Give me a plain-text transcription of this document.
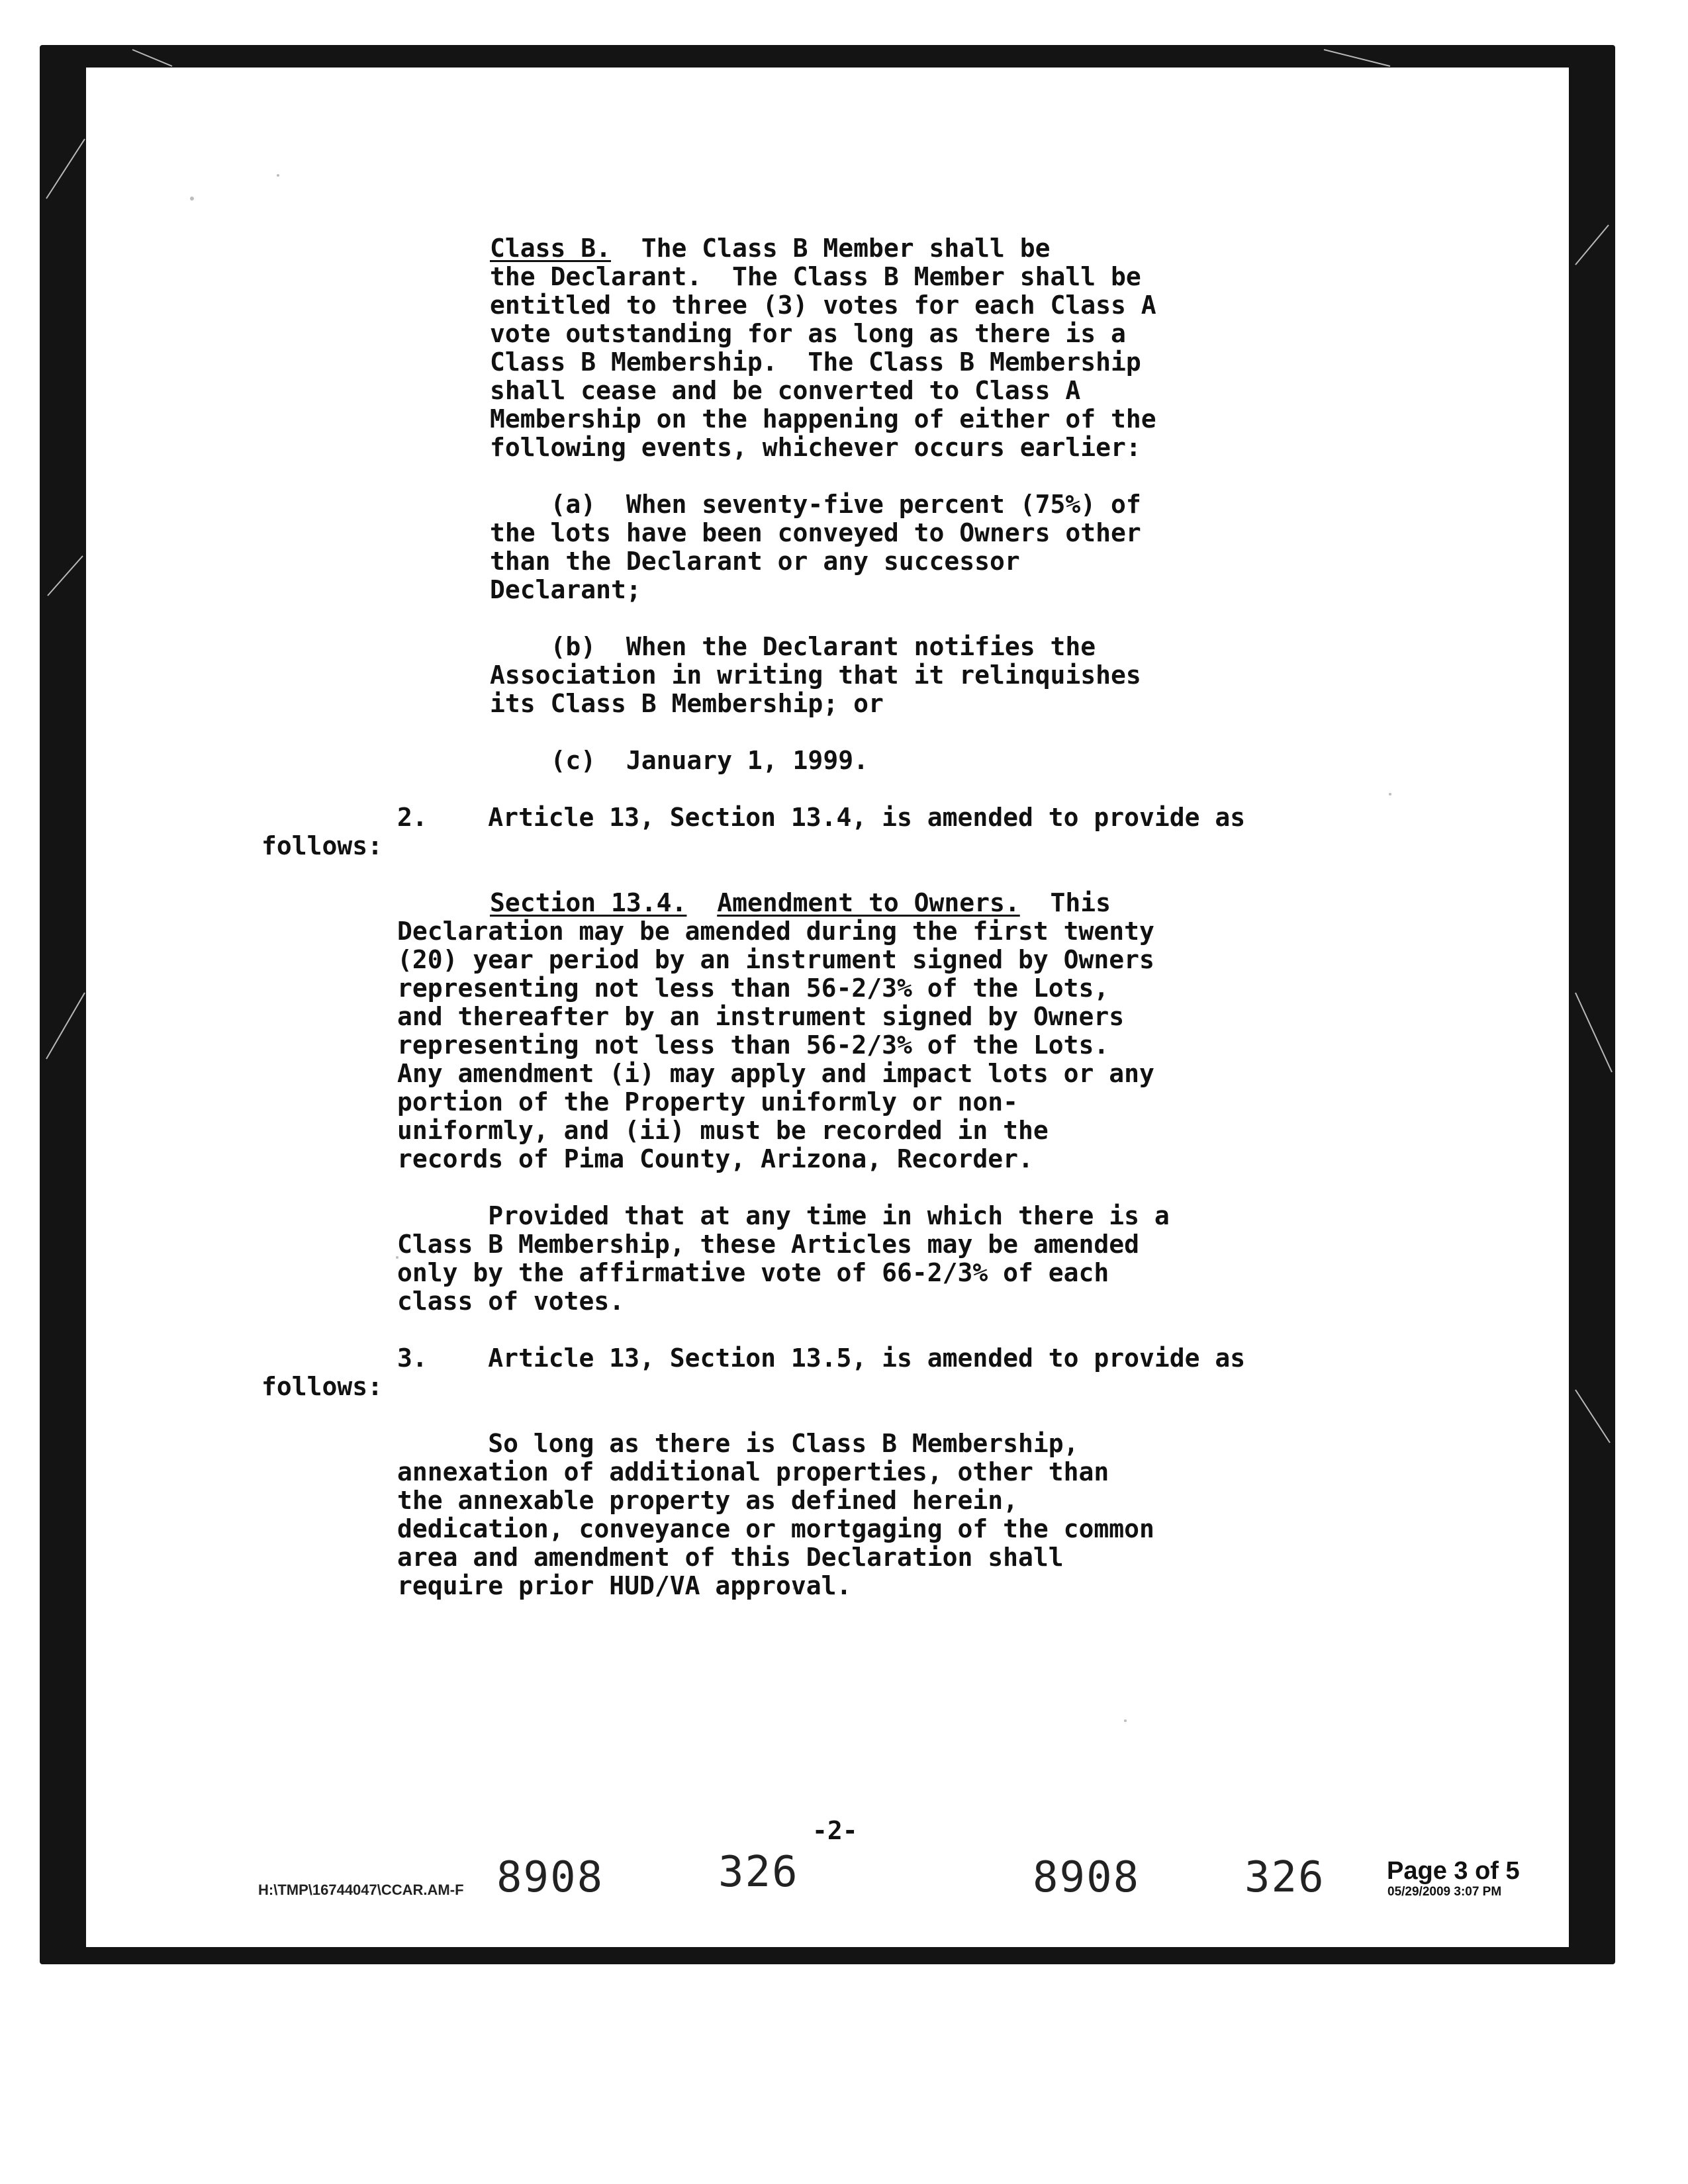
Class B.  The Class B Member shall be
the Declarant.  The Class B Member shall be
entitled to three (3) votes for each Class A
vote outstanding for as long as there is a
Class B Membership.  The Class B Membership
shall cease and be converted to Class A
Membership on the happening of either of the
following events, whichever occurs earlier:
(a)  When seventy-five percent (75%) of
the lots have been conveyed to Owners other
than the Declarant or any successor
Declarant;
(b)  When the Declarant notifies the
Association in writing that it relinquishes
its Class B Membership; or
(c)  January 1, 1999.
2.    Article 13, Section 13.4, is amended to provide as
follows:
Section 13.4. Amendment to Owners.  This
Declaration may be amended during the first twenty
(20) year period by an instrument signed by Owners
representing not less than 56-2/3% of the Lots,
and thereafter by an instrument signed by Owners
representing not less than 56-2/3% of the Lots.
Any amendment (i) may apply and impact lots or any
portion of the Property uniformly or non-
uniformly, and (ii) must be recorded in the
records of Pima County, Arizona, Recorder.
Provided that at any time in which there is a
Class B Membership, these Articles may be amended
only by the affirmative vote of 66-2/3% of each
class of votes.
3.    Article 13, Section 13.5, is amended to provide as
follows:
So long as there is Class B Membership,
annexation of additional properties, other than
the annexable property as defined herein,
dedication, conveyance or mortgaging of the common
area and amendment of this Declaration shall
require prior HUD/VA approval.
-2-
H:\TMP\16744047\CCAR.AM-F 8908	326	8908 326 Page 3 of 5
05/29/2009 3:07 PM
